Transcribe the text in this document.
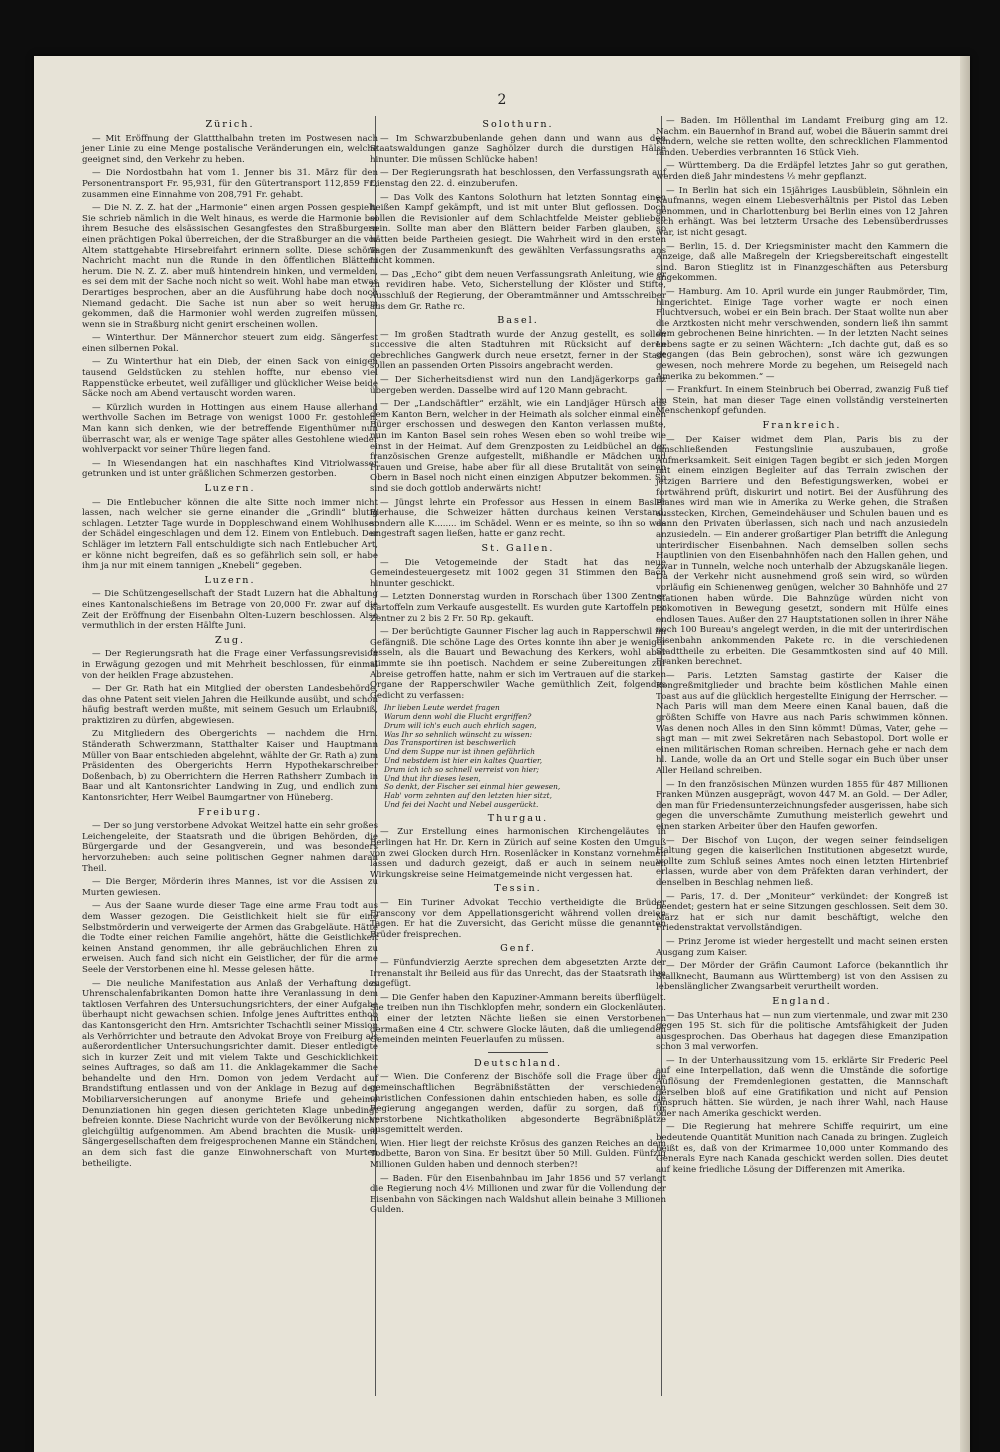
2
Zürich.

— Mit Eröffnung der Glattthalbahn treten im Postwesen nach jener Linie zu eine Menge postalische Veränderungen ein, welche geeignet sind, den Verkehr zu heben.

— Die Nordostbahn hat vom 1. Jenner bis 31. März für den Personentransport Fr. 95,931, für den Gütertransport 112,859 Fr., zusammen eine Einnahme von 208,791 Fr. gehabt.

— Die N. Z. Z. hat der „Harmonie“ einen argen Possen gespielt. Sie schrieb nämlich in die Welt hinaus, es werde die Harmonie bei ihrem Besuche des elsässischen Gesangfestes den Straßburgern einen prächtigen Pokal überreichen, der die Straßburger an die vor Altem stattgehabte Hirsebreifahrt erinnern sollte. Diese schöne Nachricht macht nun die Runde in den öffentlichen Blättern herum. Die N. Z. Z. aber muß hintendrein hinken, und vermelden, es sei dem mit der Sache noch nicht so weit. Wohl habe man etwas Derartiges besprochen, aber an die Ausführung habe doch noch Niemand gedacht. Die Sache ist nun aber so weit herum gekommen, daß die Harmonier wohl werden zugreifen müssen, wenn sie in Straßburg nicht genirt erscheinen wollen.

— Winterthur. Der Männerchor steuert zum eidg. Sängerfest einen silbernen Pokal.

— Zu Winterthur hat ein Dieb, der einen Sack von einigen tausend Geldstücken zu stehlen hoffte, nur ebenso viel Rappenstücke erbeutet, weil zufälliger und glücklicher Weise beide Säcke noch am Abend vertauscht worden waren.

— Kürzlich wurden in Hottingen aus einem Hause allerhand werthvolle Sachen im Betrage von wenigst 1000 Fr. gestohlen. Man kann sich denken, wie der betreffende Eigenthümer nun überrascht war, als er wenige Tage später alles Gestohlene wieder wohlverpackt vor seiner Thüre liegen fand.

— In Wiesendangen hat ein naschhaftes Kind Vitriolwasser getrunken und ist unter gräßlichen Schmerzen gestorben.

Luzern.

— Die Entlebucher können die alte Sitte noch immer nicht lassen, nach welcher sie gerne einander die „Grindli“ blutig schlagen. Letzter Tage wurde in Doppleschwand einem Wohlhuser der Schädel eingeschlagen und dem 12. Einem von Entlebuch. Der Schläger im letztern Fall entschuldigte sich nach Entlebucher Art, er könne nicht begreifen, daß es so gefährlich sein soll, er habe ihm ja nur mit einem tannigen „Knebeli“ gegeben.

Luzern.

— Die Schützengesellschaft der Stadt Luzern hat die Abhaltung eines Kantonalschießens im Betrage von 20,000 Fr. zwar auf die Zeit der Eröffnung der Eisenbahn Olten-Luzern beschlossen. Also vermuthlich in der ersten Hälfte Juni.

Zug.

— Der Regierungsrath hat die Frage einer Verfassungsrevision in Erwägung gezogen und mit Mehrheit beschlossen, für einmal von der heiklen Frage abzustehen.

— Der Gr. Rath hat ein Mitglied der obersten Landesbehörde, das ohne Patent seit vielen Jahren die Heilkunde ausübt, und schon häufig bestraft werden mußte, mit seinem Gesuch um Erlaubniß, praktiziren zu dürfen, abgewiesen.

Zu Mitgliedern des Obergerichts — nachdem die Hrn. Ständerath Schwerzmann, Statthalter Kaiser und Hauptmann Müller von Baar entschieden abgelehnt, wählte der Gr. Rath a) zum Präsidenten des Obergerichts Herrn Hypothekarschreiber Doßenbach, b) zu Oberrichtern die Herren Rathsherr Zumbach in Baar und alt Kantonsrichter Landwing in Zug, und endlich zum Kantonsrichter, Herr Weibel Baumgartner von Hüneberg.

Freiburg.

— Der so jung verstorbene Advokat Weitzel hatte ein sehr großes Leichengeleite, der Staatsrath und die übrigen Behörden, die Bürgergarde und der Gesangverein, und was besonders hervorzuheben: auch seine politischen Gegner nahmen daran Theil.

— Die Berger, Mörderin ihres Mannes, ist vor die Assisen zu Murten gewiesen.

— Aus der Saane wurde dieser Tage eine arme Frau todt aus dem Wasser gezogen. Die Geistlichkeit hielt sie für eine Selbstmörderin und verweigerte der Armen das Grabgeläute. Hätte die Todte einer reichen Familie angehört, hätte die Geistlichkeit keinen Anstand genommen, ihr alle gebräuchlichen Ehren zu erweisen. Auch fand sich nicht ein Geistlicher, der für die arme Seele der Verstorbenen eine hl. Messe gelesen hätte.

— Die neuliche Manifestation aus Anlaß der Verhaftung des Uhrenschalenfabrikanten Domon hatte ihre Veranlassung in dem taktlosen Verfahren des Untersuchungsrichters, der einer Aufgabe überhaupt nicht gewachsen schien. Infolge jenes Auftrittes enthob das Kantonsgericht den Hrn. Amtsrichter Tschachtli seiner Mission als Verhörrichter und betraute den Advokat Broye von Freiburg als außerordentlicher Untersuchungsrichter damit. Dieser entledigte sich in kurzer Zeit und mit vielem Takte und Geschicklichkeit seines Auftrages, so daß am 11. die Anklagekammer die Sache behandelte und den Hrn. Domon von jedem Verdacht auf Brandstiftung entlassen und von der Anklage in Bezug auf den Mobiliarversicherungen auf anonyme Briefe und geheime Denunziationen hin gegen diesen gerichteten Klage unbedingt befreien konnte. Diese Nachricht wurde von der Bevölkerung nicht gleichgültig aufgenommen. Am Abend brachten die Musik- und Sängergesellschaften dem freigesprochenen Manne ein Ständchen, an dem sich fast die ganze Einwohnerschaft von Murten betheiligte.

Solothurn.

— Im Schwarzbubenlande gehen dann und wann aus den Staatswaldungen ganze Saghölzer durch die durstigen Hälse hinunter. Die müssen Schlücke haben!

— Der Regierungsrath hat beschlossen, den Verfassungsrath auf Dienstag den 22. d. einzuberufen.

— Das Volk des Kantons Solothurn hat letzten Sonntag einen heißen Kampf gekämpft, und ist mit unter Blut geflossen. Doch sollen die Revisionler auf dem Schlachtfelde Meister geblieben sein. Sollte man aber den Blättern beider Farben glauben, so hätten beide Partheien gesiegt. Die Wahrheit wird in den ersten Tagen der Zusammenkunft des gewählten Verfassungsraths ans Licht kommen.

— Das „Echo“ gibt dem neuen Verfassungsrath Anleitung, wie er zu revidiren habe. Veto, Sicherstellung der Klöster und Stifte, Ausschluß der Regierung, der Oberamtmänner und Amtsschreiber aus dem Gr. Rathe rc.

Basel.

— Im großen Stadtrath wurde der Anzug gestellt, es sollen successive die alten Stadtuhren mit Rücksicht auf deren gebrechliches Gangwerk durch neue ersetzt, ferner in der Stadt sollen an passenden Orten Pissoirs angebracht werden.

— Der Sicherheitsdienst wird nun den Landjägerkorps ganz übergeben werden. Dasselbe wird auf 120 Mann gebracht.

— Der „Landschäftler“ erzählt, wie ein Landjäger Hürsch aus dem Kanton Bern, welcher in der Heimath als solcher einmal einen Bürger erschossen und deswegen den Kanton verlassen mußte, nun im Kanton Basel sein rohes Wesen eben so wohl treibe wie einst in der Heimat. Auf dem Grenzposten zu Leidbüchel an der französischen Grenze aufgestellt, mißhandle er Mädchen und Frauen und Greise, habe aber für all diese Brutalität von seinen Obern in Basel noch nicht einen einzigen Abputzer bekommen. So sind sie doch gottlob anderwärts nicht!

— Jüngst lehrte ein Professor aus Hessen in einem Basler Bierhause, die Schweizer hätten durchaus keinen Verstand, sondern alle K........ im Schädel. Wenn er es meinte, so ihn so was ungestraft sagen ließen, hatte er ganz recht.

St. Gallen.

— Die Vetogemeinde der Stadt hat das neue Gemeindesteuergesetz mit 1002 gegen 31 Stimmen den Bach hinunter geschickt.

— Letzten Donnerstag wurden in Rorschach über 1300 Zentner Kartoffeln zum Verkaufe ausgestellt. Es wurden gute Kartoffeln per Zentner zu 2 bis 2 Fr. 50 Rp. gekauft.

— Der berüchtigte Gaunner Fischer lag auch in Rapperschwil im Gefängniß. Die schöne Lage des Ortes konnte ihn aber je weniger fesseln, als die Bauart und Bewachung des Kerkers, wohl aber stimmte sie ihn poetisch. Nachdem er seine Zubereitungen zur Abreise getroffen hatte, nahm er sich im Vertrauen auf die starken Organe der Rapperschwiler Wache gemüthlich Zeit, folgendes Gedicht zu verfassen:

Ihr lieben Leute werdet fragen
Warum denn wohl die Flucht ergriffen?
Drum will ich's euch auch ehrlich sagen,
Was Ihr so sehnlich wünscht zu wissen:
Das Transportiren ist beschwerlich
Und dem Suppe nur ist ihnen gefährlich
Und nebstdem ist hier ein kaltes Quartier,
Drum ich ich so schnell verreist von hier;
Und thut ihr dieses lesen,
So denkt, der Fischer sei einmal hier gewesen,
Hab' vorm zehnten auf den letzten hier sitzt,
Und fei dei Nacht und Nebel ausgerückt.
Thurgau.

— Zur Erstellung eines harmonischen Kirchengeläutes in Berlingen hat Hr. Dr. Kern in Zürich auf seine Kosten den Umguß von zwei Glocken durch Hrn. Rosenläcker in Konstanz vornehmen lassen und dadurch gezeigt, daß er auch in seinem neuen Wirkungskreise seine Heimatgemeinde nicht vergessen hat.

Tessin.

— Ein Turiner Advokat Tecchio vertheidigte die Brüder Franscony vor dem Appellationsgericht während vollen dreien Tagen. Er hat die Zuversicht, das Gericht müsse die genannten Brüder freisprechen.

Genf.

— Fünfundvierzig Aerzte sprechen dem abgesetzten Arzte der Irrenanstalt ihr Beileid aus für das Unrecht, das der Staatsrath ihm zugefügt.

— Die Genfer haben den Kapuziner-Ammann bereits überflügelt. Sie treiben nun ihn Tischklopfen mehr, sondern ein Glockenläuten. In einer der letzten Nächte ließen sie einen Verstorbenen dermaßen eine 4 Ctr. schwere Glocke läuten, daß die umliegenden Gemeinden meinten Feuerlaufen zu müssen.

Deutschland.

— Wien. Die Conferenz der Bischöfe soll die Frage über die gemeinschaftlichen Begräbnißstätten der verschiedenen christlichen Confessionen dahin entschieden haben, es solle die Regierung angegangen werden, dafür zu sorgen, daß für verstorbene Nichtkatholiken abgesonderte Begräbnißplätze ausgemittelt werden.

Wien. Hier liegt der reichste Krösus des ganzen Reiches an dem Todbette, Baron von Sina. Er besitzt über 50 Mill. Gulden. Fünfzig Millionen Gulden haben und dennoch sterben?!

— Baden. Für den Eisenbahnbau im Jahr 1856 und 57 verlangt die Regierung noch 4½ Millionen und zwar für die Vollendung der Eisenbahn von Säckingen nach Waldshut allein beinahe 3 Millionen Gulden.

— Baden. Im Höllenthal im Landamt Freiburg ging am 12. Nachm. ein Bauernhof in Brand auf, wobei die Bäuerin sammt drei Kindern, welche sie retten wollte, den schrecklichen Flammentod fanden. Ueberdies verbrannten 16 Stück Vieh.

— Württemberg. Da die Erdäpfel letztes Jahr so gut gerathen, werden dieß Jahr mindestens ⅓ mehr gepflanzt.

— In Berlin hat sich ein 15jähriges Lausbüblein, Söhnlein ein Kaufmanns, wegen einem Liebesverhältnis per Pistol das Leben genommen, und in Charlottenburg bei Berlin eines von 12 Jahren sich erhängt. Was bei letzterm Ursache des Lebensüberdrusses war, ist nicht gesagt.

— Berlin, 15. d. Der Kriegsminister macht den Kammern die Anzeige, daß alle Maßregeln der Kriegsbereitschaft eingestellt sind. Baron Stieglitz ist in Finanzgeschäften aus Petersburg angekommen.

— Hamburg. Am 10. April wurde ein junger Raubmörder, Tim, hingerichtet. Einige Tage vorher wagte er noch einen Fluchtversuch, wobei er ein Bein brach. Der Staat wollte nun aber die Arztkosten nicht mehr verschwenden, sondern ließ ihn sammt dem gebrochenen Beine hinrichten. — In der letzten Nacht seines Lebens sagte er zu seinen Wächtern: „Ich dachte gut, daß es so gegangen (das Bein gebrochen), sonst wäre ich gezwungen gewesen, noch mehrere Morde zu begehen, um Reisegeld nach Amerika zu bekommen.“ —

— Frankfurt. In einem Steinbruch bei Oberrad, zwanzig Fuß tief im Stein, hat man dieser Tage einen vollständig versteinerten Menschenkopf gefunden.

Frankreich.

— Der Kaiser widmet dem Plan, Paris bis zu der umschließenden Festungslinie auszubauen, große Aufmerksamkeit. Seit einigen Tagen begibt er sich jeden Morgen mit einem einzigen Begleiter auf das Terrain zwischen der jetzigen Barriere und den Befestigungswerken, wobei er fortwährend prüft, diskurirt und notirt. Bei der Ausführung des Planes wird man wie in Amerika zu Werke gehen, die Straßen ausstecken, Kirchen, Gemeindehäuser und Schulen bauen und es dann den Privaten überlassen, sich nach und nach anzusiedeln anzusiedeln. — Ein anderer großartiger Plan betrifft die Anlegung unterirdischer Eisenbahnen. Nach demselben sollen sechs Hauptlinien von den Eisenbahnhöfen nach den Hallen gehen, und zwar in Tunneln, welche noch unterhalb der Abzugskanäle liegen. Da der Verkehr nicht ausnehmend groß sein wird, so würden vorläufig ein Schienenweg genügen, welcher 30 Bahnhöfe und 27 Stationen haben würde. Die Bahnzüge würden nicht von Lokomotiven in Bewegung gesetzt, sondern mit Hülfe eines endlosen Taues. Außer den 27 Hauptstationen sollen in ihrer Nähe noch 100 Bureau's angelegt werden, in die mit der unterirdischen Eisenbahn ankommenden Pakete rc. in die verschiedenen Stadttheile zu erbeiten. Die Gesammtkosten sind auf 40 Mill. Franken berechnet.

— Paris. Letzten Samstag gastirte der Kaiser die Kongreßmitglieder und brachte beim köstlichen Mahle einen Toast aus auf die glücklich hergestellte Einigung der Herrscher. — Nach Paris will man dem Meere einen Kanal bauen, daß die größten Schiffe von Havre aus nach Paris schwimmen können. Was denen noch Alles in den Sinn kömmt! Dümas, Vater, gehe — sagt man — mit zwei Sekretären nach Sebastopol. Dort wolle er einen militärischen Roman schreiben. Hernach gehe er nach dem hl. Lande, wolle da an Ort und Stelle sogar ein Buch über unser Aller Heiland schreiben.

— In den französischen Münzen wurden 1855 für 487 Millionen Franken Münzen ausgeprägt, wovon 447 M. an Gold. — Der Adler, den man für Friedensunterzeichnungsfeder ausgerissen, habe sich gegen die unverschämte Zumuthung meisterlich gewehrt und einen starken Arbeiter über den Haufen geworfen.

— Der Bischof von Luçon, der wegen seiner feindseligen Haltung gegen die kaiserlichen Institutionen abgesetzt wurde, wollte zum Schluß seines Amtes noch einen letzten Hirtenbrief erlassen, wurde aber von dem Präfekten daran verhindert, der denselben in Beschlag nehmen ließ.

— Paris, 17. d. Der „Moniteur“ verkündet: der Kongreß ist beendet; gestern hat er seine Sitzungen geschlossen. Seit dem 30. März hat er sich nur damit beschäftigt, welche den Friedenstraktat vervollständigen.

— Prinz Jerome ist wieder hergestellt und macht seinen ersten Ausgang zum Kaiser.

— Der Mörder der Gräfin Caumont Laforce (bekanntlich ihr Stallknecht, Baumann aus Württemberg) ist von den Assisen zu lebenslänglicher Zwangsarbeit verurtheilt worden.

England.

— Das Unterhaus hat — nun zum viertenmale, und zwar mit 230 gegen 195 St. sich für die politische Amtsfähigkeit der Juden ausgesprochen. Das Oberhaus hat dagegen diese Emanzipation schon 3 mal verworfen.

— In der Unterhaussitzung vom 15. erklärte Sir Frederic Peel auf eine Interpellation, daß wenn die Umstände die sofortige Auflösung der Fremdenlegionen gestatten, die Mannschaft derselben bloß auf eine Gratifikation und nicht auf Pension Anspruch hätten. Sie würden, je nach ihrer Wahl, nach Hause oder nach Amerika geschickt werden.

— Die Regierung hat mehrere Schiffe requirirt, um eine bedeutende Quantität Munition nach Canada zu bringen. Zugleich heißt es, daß von der Krimarmee 10,000 unter Kommando des Generals Eyre nach Kanada geschickt werden sollen. Dies deutet auf keine friedliche Lösung der Differenzen mit Amerika.
